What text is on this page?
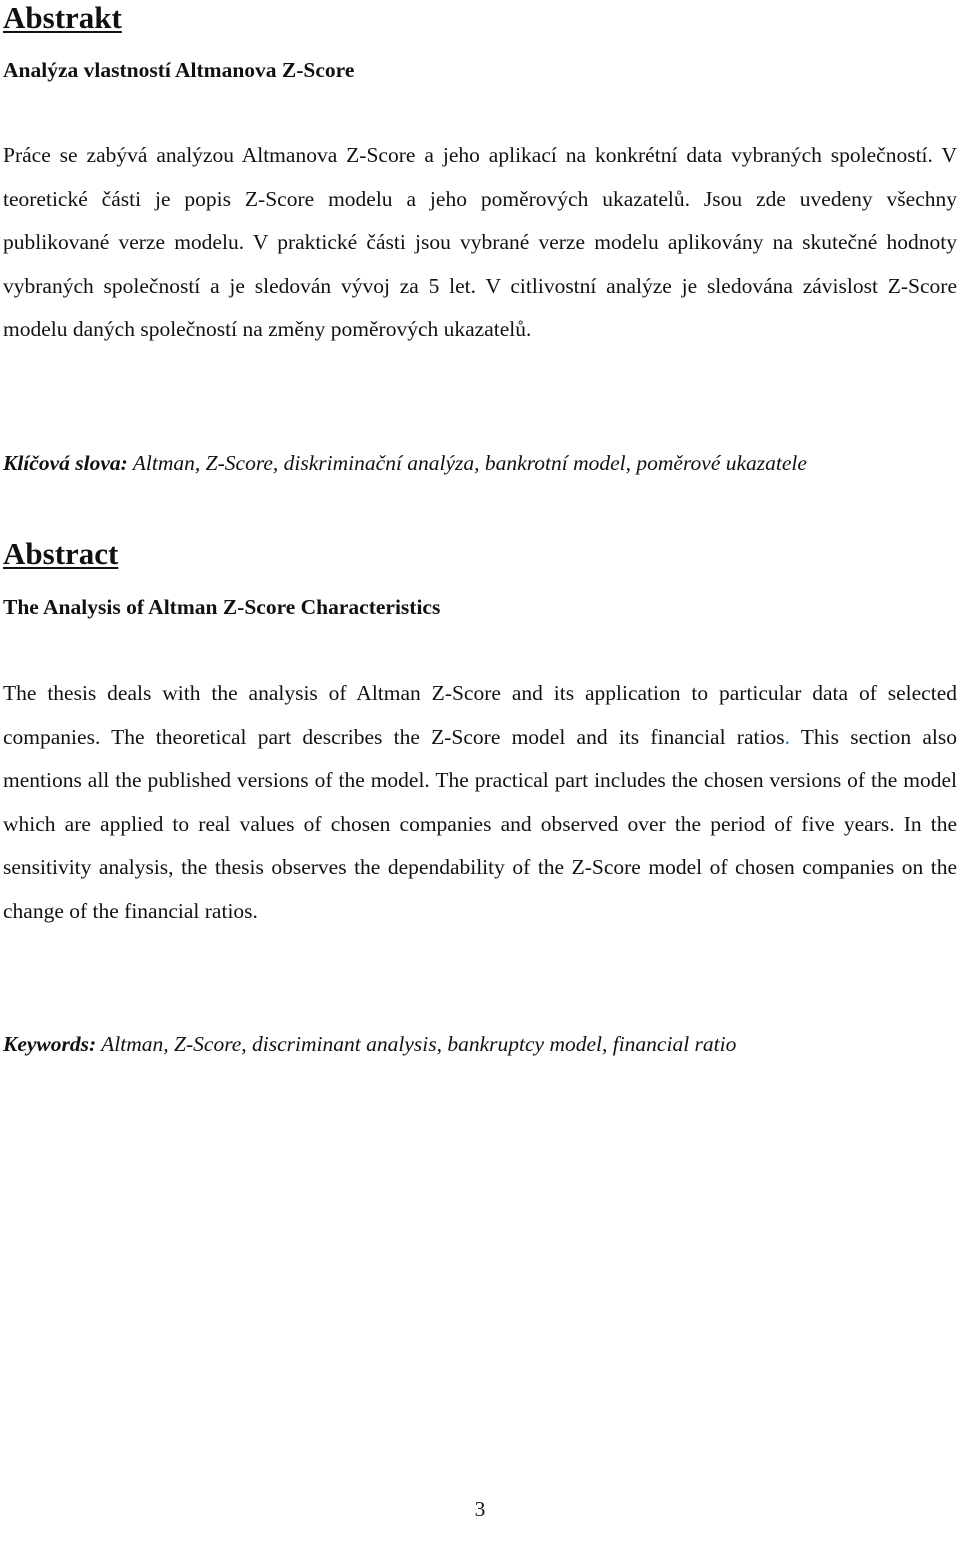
Abstrakt
Analýza vlastností Altmanova Z-Score

Práce se zabývá analýzou Altmanova Z-Score a jeho aplikací na konkrétní data vybraných společností. V teoretické části je popis Z-Score modelu a jeho poměrových ukazatelů. Jsou zde uvedeny všechny publikované verze modelu. V praktické části jsou vybrané verze modelu aplikovány na skutečné hodnoty vybraných společností a je sledován vývoj za 5 let. V citlivostní analýze je sledována závislost Z-Score modelu daných společností na změny poměrových ukazatelů.

Klíčová slova: Altman, Z-Score, diskriminační analýza, bankrotní model, poměrové ukazatele

Abstract
The Analysis of Altman Z-Score Characteristics

The thesis deals with the analysis of Altman Z-Score and its application to particular data of selected companies. The theoretical part describes the Z-Score model and its financial ratios. This section also mentions all the published versions of the model. The practical part includes the chosen versions of the model which are applied to real values of chosen companies and observed over the period of five years. In the sensitivity analysis, the thesis observes the dependability of the Z-Score model of chosen companies on the change of the financial ratios.

Keywords: Altman, Z-Score, discriminant analysis, bankruptcy model, financial ratio

3
